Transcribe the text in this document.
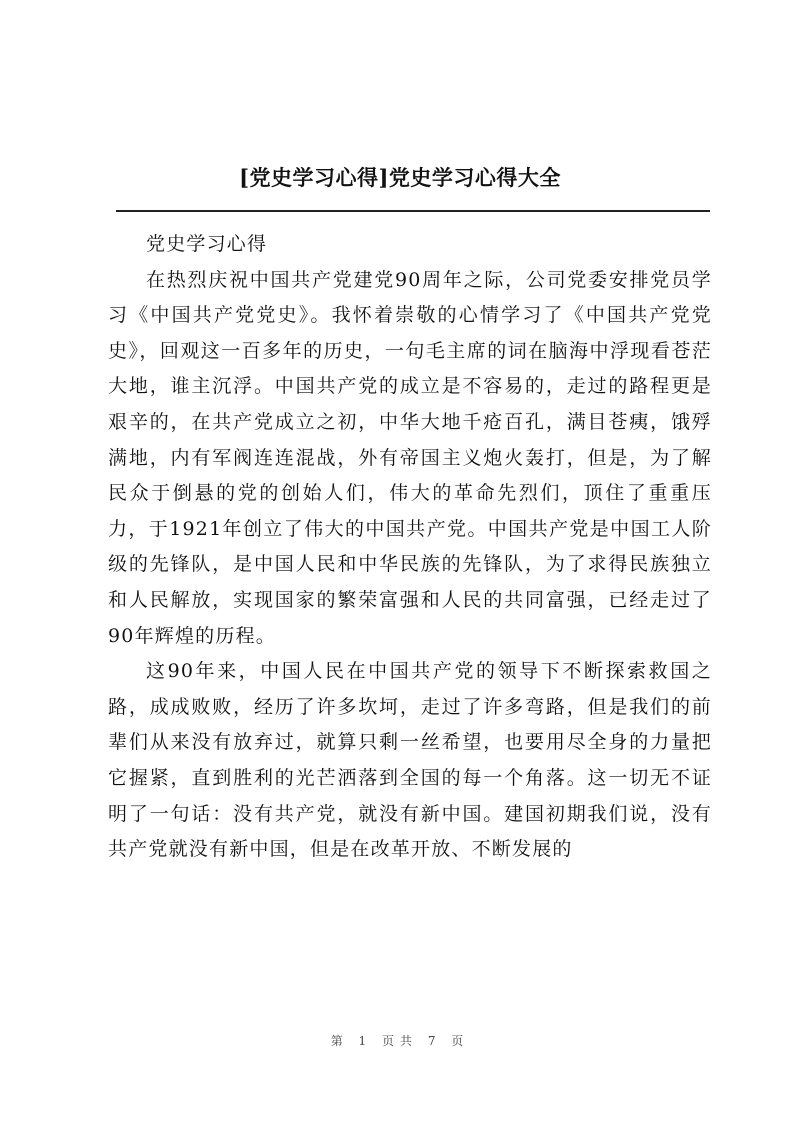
[党史学习心得]党史学习心得大全

党史学习心得

在热烈庆祝中国共产党建党90周年之际，公司党委安排党员学习《中国共产党党史》。我怀着崇敬的心情学习了《中国共产党党史》，回观这一百多年的历史，一句毛主席的词在脑海中浮现看苍茫大地，谁主沉浮。中国共产党的成立是不容易的，走过的路程更是艰辛的，在共产党成立之初，中华大地千疮百孔，满目苍痍，饿殍满地，内有军阀连连混战，外有帝国主义炮火轰打，但是，为了解民众于倒悬的党的创始人们，伟大的革命先烈们，顶住了重重压力，于1921年创立了伟大的中国共产党。中国共产党是中国工人阶级的先锋队，是中国人民和中华民族的先锋队，为了求得民族独立和人民解放，实现国家的繁荣富强和人民的共同富强，已经走过了90年辉煌的历程。

这90年来，中国人民在中国共产党的领导下不断探索救国之路，成成败败，经历了许多坎坷，走过了许多弯路，但是我们的前辈们从来没有放弃过，就算只剩一丝希望，也要用尽全身的力量把它握紧，直到胜利的光芒洒落到全国的每一个角落。这一切无不证明了一句话：没有共产党，就没有新中国。建国初期我们说，没有共产党就没有新中国，但是在改革开放、不断发展的

第 1 页共 7 页
